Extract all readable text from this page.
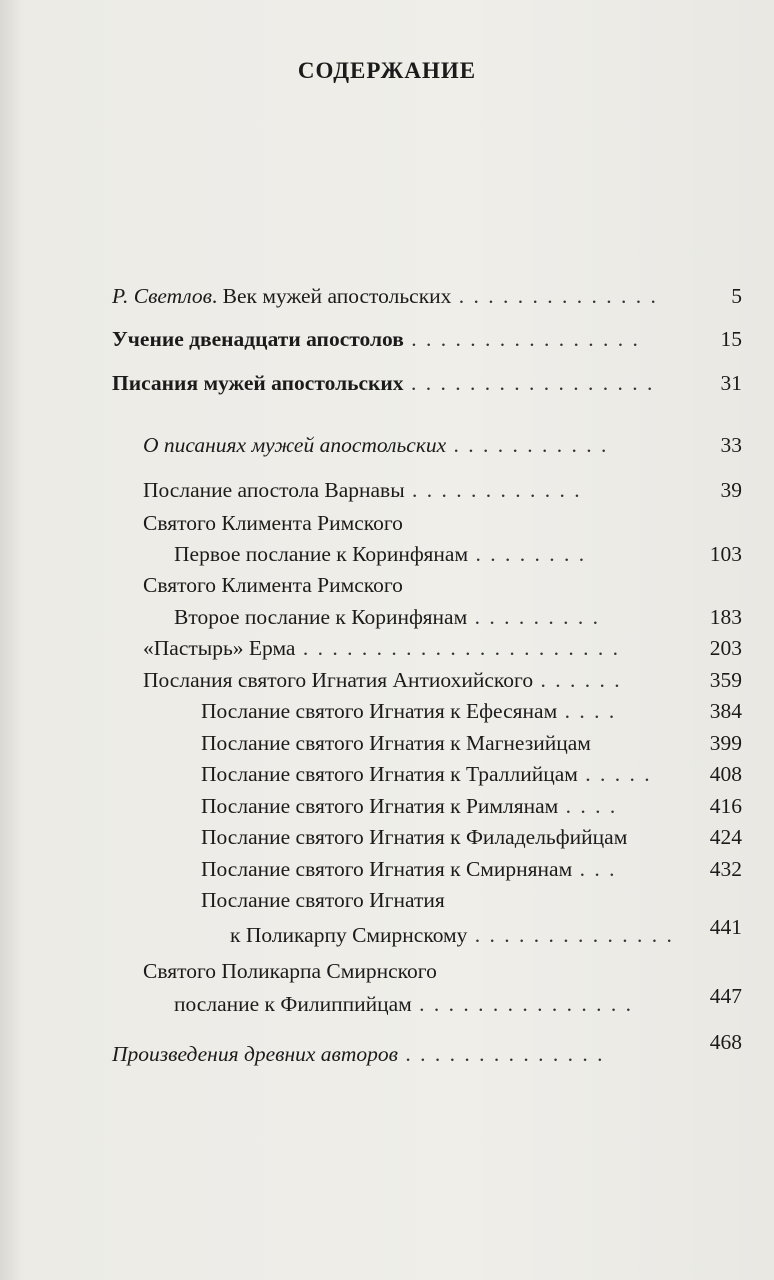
СОДЕРЖАНИЕ
Р. Светлов. Век мужей апостольских . . . . . . . . . . . . . .	5
Учение двенадцати апостолов . . . . . . . . . . . . . . . .	15
Писания мужей апостольских . . . . . . . . . . . . . . . . .	31
О писаниях мужей апостольских . . . . . . . . . . .	33
Послание апостола Варнавы . . . . . . . . . . . .	39
Святого Климента Римского
Первое послание к Коринфянам . . . . . . . .	103
Святого Климента Римского
Второе послание к Коринфянам . . . . . . . . .	183
«Пастырь» Ерма . . . . . . . . . . . . . . . . . . . . . .	203
Послания святого Игнатия Антиохийского . . . . . .	359
Послание святого Игнатия к Ефесянам . . . .	384
Послание святого Игнатия к Магнезийцам	399
Послание святого Игнатия к Траллийцам . . . . .	408
Послание святого Игнатия к Римлянам . . . .	416
Послание святого Игнатия к Филадельфийцам	424
Послание святого Игнатия к Смирнянам . . .	432
Послание святого Игнатия
к Поликарпу Смирнскому . . . . . . . . . . . . . .	441
Святого Поликарпа Смирнского
послание к Филиппийцам . . . . . . . . . . . . . . .	447
Произведения древних авторов . . . . . . . . . . . . . .	468
